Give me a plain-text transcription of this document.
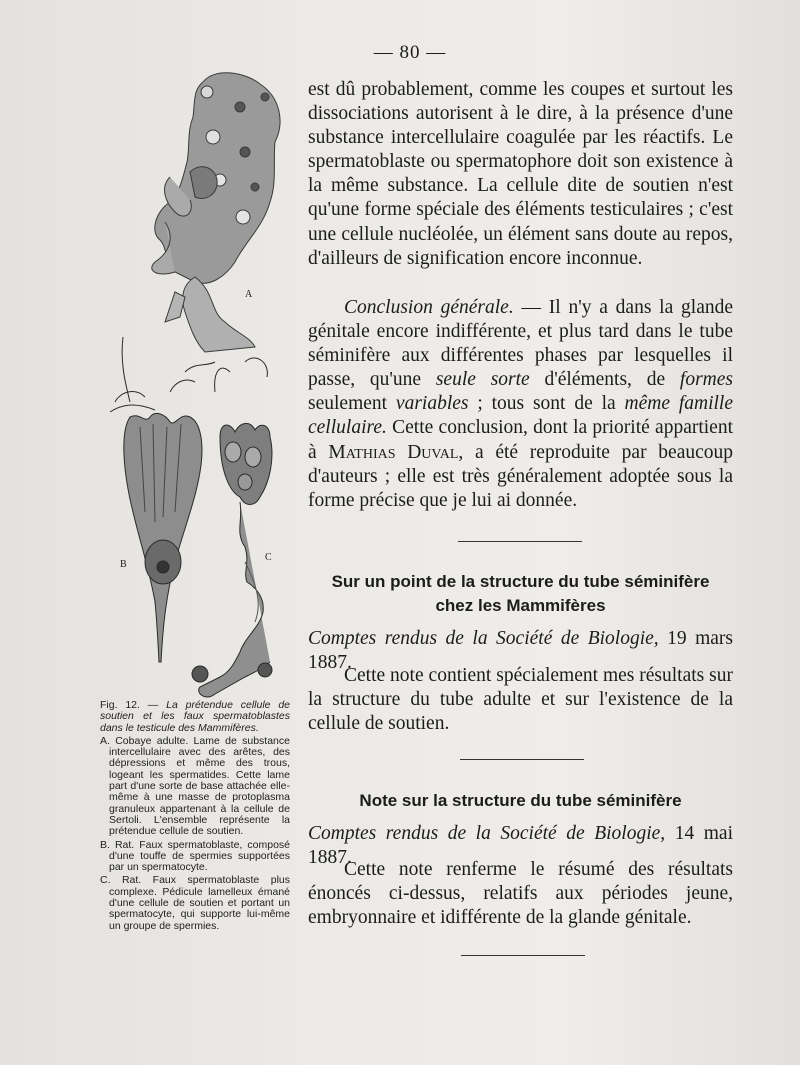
— 80 —
A
B
C
Fig. 12. — La prétendue cellule de soutien et les faux spermatoblastes dans le testicule des Mammifères.
A. Cobaye adulte. Lame de substance intercellulaire avec des arêtes, des dépressions et même des trous, logeant les spermatides. Cette lame part d'une sorte de base attachée elle-même à une masse de protoplasma granuleux appartenant à la cellule de Sertoli. L'ensemble représente la prétendue cellule de soutien.
B. Rat. Faux spermatoblaste, composé d'une touffe de spermies supportées par un spermatocyte.
C. Rat. Faux spermatoblaste plus complexe. Pédicule lamelleux émané d'une cellule de soutien et portant un spermatocyte, qui supporte lui-même un groupe de spermies.

est dû probablement, comme les coupes et surtout les dissociations autorisent à le dire, à la présence d'une substance intercellulaire coagulée par les réactifs. Le spermatoblaste ou spermatophore doit son existence à la même substance. La cellule dite de soutien n'est qu'une forme spéciale des éléments testiculaires ; c'est une cellule nucléolée, un élément sans doute au repos, d'ailleurs de signification encore inconnue.

Conclusion générale. — Il n'y a dans la glande génitale encore indifférente, et plus tard dans le tube séminifère aux différentes phases par lesquelles il passe, qu'une seule sorte d'éléments, de formes seulement variables ; tous sont de la même famille cellulaire. Cette conclusion, dont la priorité appartient à Mathias Duval, a été reproduite par beaucoup d'auteurs ; elle est très généralement adoptée sous la forme précise que je lui ai donnée.

Sur un point de la structure du tube séminifère
chez les Mammifères
Comptes rendus de la Société de Biologie, 19 mars 1887.

Cette note contient spécialement mes résultats sur la structure du tube adulte et sur l'existence de la cellule de soutien.

Note sur la structure du tube séminifère
Comptes rendus de la Société de Biologie, 14 mai 1887.

Cette note renferme le résumé des résultats énoncés ci-dessus, relatifs aux périodes jeune, embryonnaire et idifférente de la glande génitale.
